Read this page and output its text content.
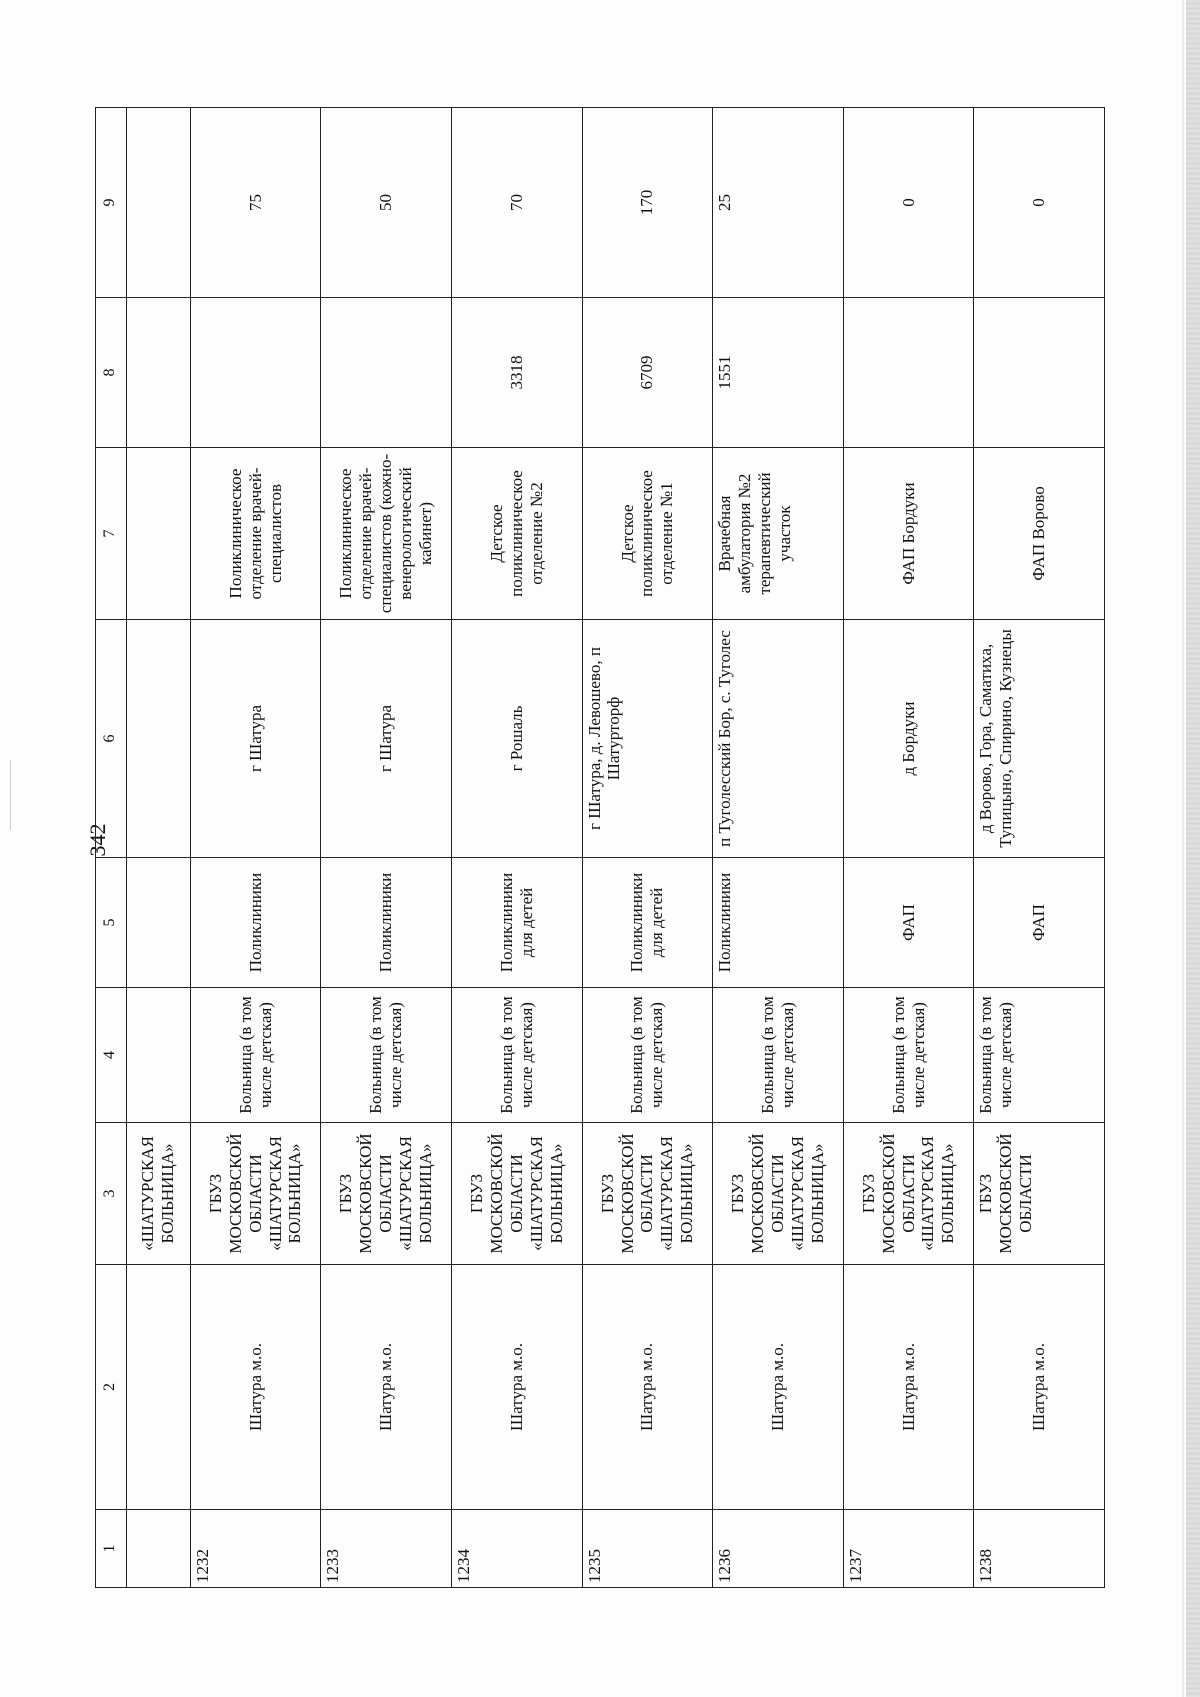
342
1	2	3	4	5	6	7	8	9
		«ШАТУРСКАЯ БОЛЬНИЦА»						
1232	Шатура м.о.	ГБУЗ МОСКОВСКОЙ ОБЛАСТИ «ШАТУРСКАЯ БОЛЬНИЦА»	Больница (в том числе детская)	Поликлиники	г Шатура	Поликлиническое отделение врачей-специалистов		75
1233	Шатура м.о.	ГБУЗ МОСКОВСКОЙ ОБЛАСТИ «ШАТУРСКАЯ БОЛЬНИЦА»	Больница (в том числе детская)	Поликлиники	г Шатура	Поликлиническое отделение врачей-специалистов (кожно-венерологический кабинет)		50
1234	Шатура м.о.	ГБУЗ МОСКОВСКОЙ ОБЛАСТИ «ШАТУРСКАЯ БОЛЬНИЦА»	Больница (в том числе детская)	Поликлиники для детей	г Рошаль	Детское поликлиническое отделение №2	3318	70
1235	Шатура м.о.	ГБУЗ МОСКОВСКОЙ ОБЛАСТИ «ШАТУРСКАЯ БОЛЬНИЦА»	Больница (в том числе детская)	Поликлиники для детей	г Шатура, д. Левошево, п Шатурторф	Детское поликлиническое отделение №1	6709	170
1236	Шатура м.о.	ГБУЗ МОСКОВСКОЙ ОБЛАСТИ «ШАТУРСКАЯ БОЛЬНИЦА»	Больница (в том числе детская)	Поликлиники	п Туголесский Бор, с. Туголес	Врачебная амбулатория №2 терапевтический участок	1551	25
1237	Шатура м.о.	ГБУЗ МОСКОВСКОЙ ОБЛАСТИ «ШАТУРСКАЯ БОЛЬНИЦА»	Больница (в том числе детская)	ФАП	д Бордуки	ФАП Бордуки		0
1238	Шатура м.о.	ГБУЗ МОСКОВСКОЙ ОБЛАСТИ	Больница (в том числе детская)	ФАП	д Ворово, Гора, Саматиха, Тупицыно, Спирино, Кузнецы	ФАП Ворово		0
